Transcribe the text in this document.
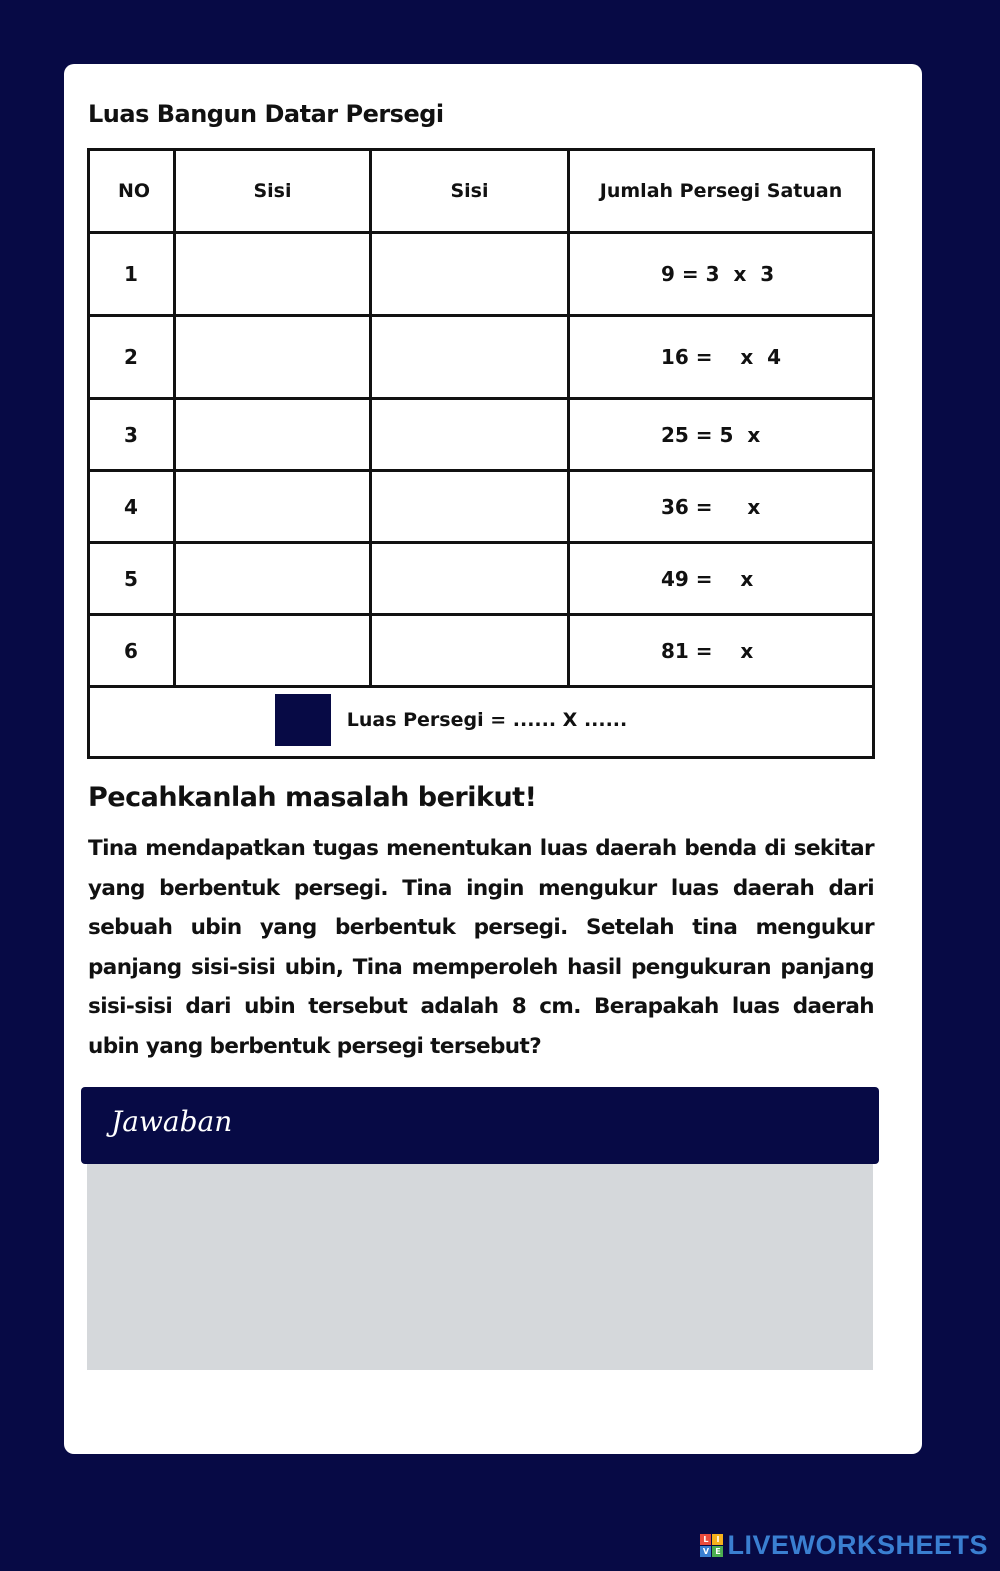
Luas Bangun Datar Persegi
NO	Sisi	Sisi	Jumlah Persegi Satuan
1			9 = 3  x  3
2			16 =    x  4
3			25 = 5  x
4			36 =     x
5			49 =    x
6			81 =    x

Luas Persegi = ...... X ......			
Pecahkanlah masalah berikut!
Tina mendapatkan tugas menentukan luas daerah benda di sekitar yang berbentuk persegi. Tina ingin mengukur luas daerah dari sebuah ubin yang berbentuk persegi. Setelah tina mengukur panjang sisi-sisi ubin, Tina memperoleh hasil pengukuran panjang sisi-sisi dari ubin tersebut adalah 8 cm. Berapakah luas daerah ubin yang berbentuk persegi tersebut?
Jawaban
L I
V E LIVEWORKSHEETS
